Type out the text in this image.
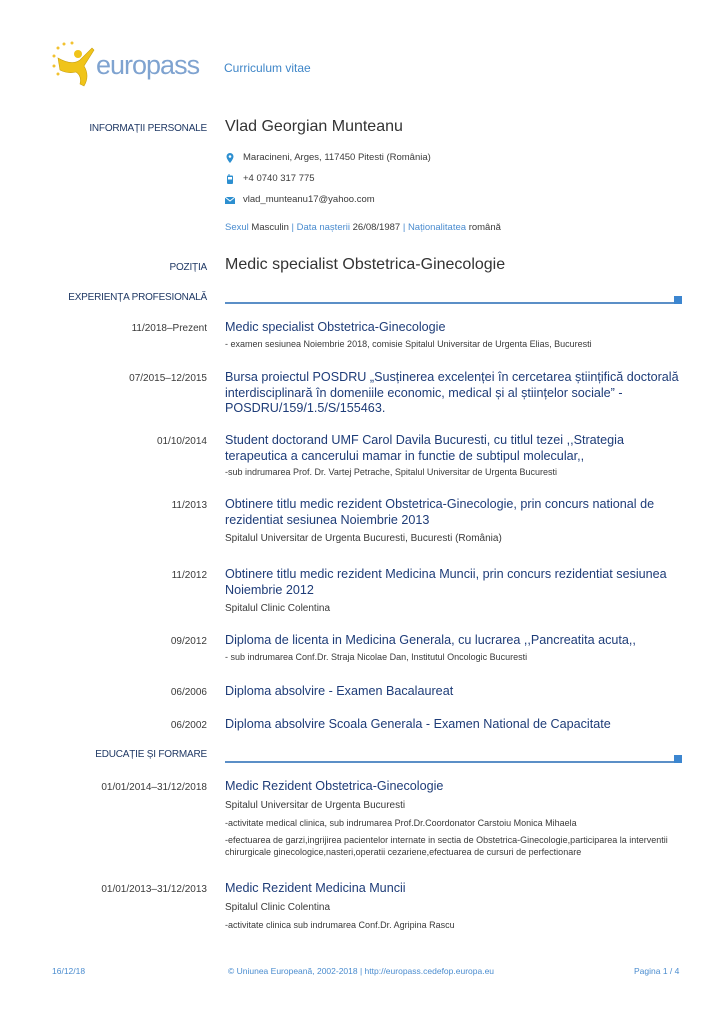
europass Curriculum vitae
INFORMAȚII PERSONALE Vlad Georgian Munteanu
Maracineni, Arges, 117450 Pitesti (România)
+4 0740 317 775
vlad_munteanu17@yahoo.com
Sexul Masculin | Data nașterii 26/08/1987 | Naționalitatea română
POZIȚIA Medic specialist Obstetrica-Ginecologie
EXPERIENȚA PROFESIONALĂ
11/2018–Prezent Medic specialist Obstetrica-Ginecologie
- examen sesiunea Noiembrie 2018, comisie Spitalul Universitar de Urgenta Elias, Bucuresti
07/2015–12/2015 Bursa proiectul POSDRU „Susținerea excelenței în cercetarea științifică doctorală interdisciplinară în domeniile economic, medical și al științelor sociale” - POSDRU/159/1.5/S/155463.
01/10/2014 Student doctorand UMF Carol Davila Bucuresti, cu titlul tezei ,,Strategia terapeutica a cancerului mamar in functie de subtipul molecular,,
-sub indrumarea Prof. Dr. Vartej Petrache, Spitalul Universitar de Urgenta Bucuresti
11/2013 Obtinere titlu medic rezident Obstetrica-Ginecologie, prin concurs national de rezidentiat sesiunea Noiembrie 2013
Spitalul Universitar de Urgenta Bucuresti, Bucuresti (România)
11/2012 Obtinere titlu medic rezident Medicina Muncii, prin concurs rezidentiat sesiunea Noiembrie 2012
Spitalul Clinic Colentina
09/2012 Diploma de licenta in Medicina Generala, cu lucrarea ,,Pancreatita acuta,,
- sub indrumarea Conf.Dr. Straja Nicolae Dan, Institutul Oncologic Bucuresti
06/2006 Diploma absolvire - Examen Bacalaureat
06/2002 Diploma absolvire Scoala Generala - Examen National de Capacitate
EDUCAȚIE ȘI FORMARE
01/01/2014–31/12/2018 Medic Rezident Obstetrica-Ginecologie
Spitalul Universitar de Urgenta Bucuresti
-activitate medical clinica, sub indrumarea Prof.Dr.Coordonator Carstoiu Monica Mihaela
-efectuarea de garzi,ingrijirea pacientelor internate in sectia de Obstetrica-Ginecologie,participarea la interventii chirurgicale ginecologice,nasteri,operatii cezariene,efectuarea de cursuri de perfectionare
01/01/2013–31/12/2013 Medic Rezident Medicina Muncii
Spitalul Clinic Colentina
-activitate clinica sub indrumarea Conf.Dr. Agripina Rascu
16/12/18	© Uniunea Europeană, 2002-2018 | http://europass.cedefop.europa.eu	Pagina 1 / 4
